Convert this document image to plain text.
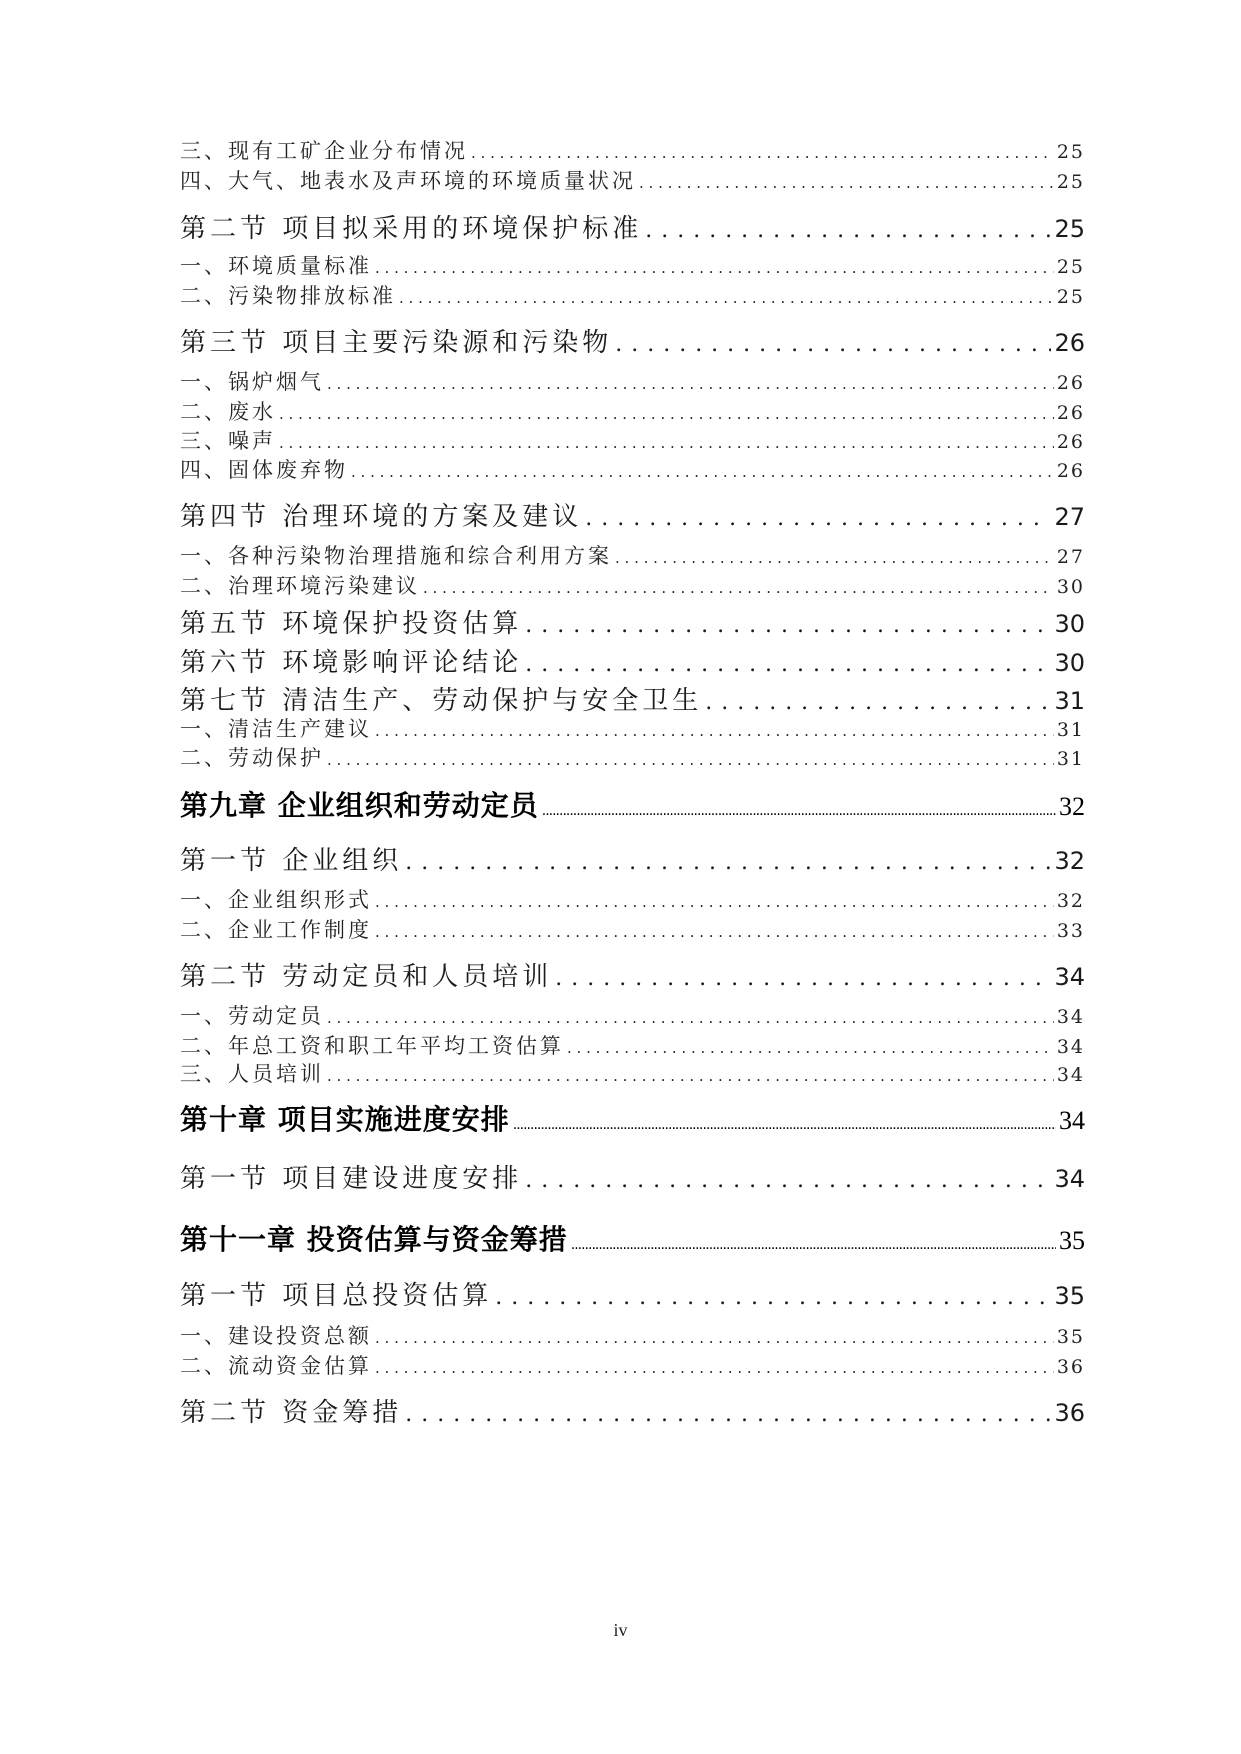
三、现有工矿企业分布情况 . . .	25
四、大气、地表水及声环境的环境质量状况 . . .	25
第二节 项目拟采用的环境保护标准 . . .	25
一、环境质量标准 . . .	25
二、污染物排放标准 . . .	25
第三节 项目主要污染源和污染物 . . .	26
一、锅炉烟气 . . .	26
二、废水 . . .	26
三、噪声 . . .	26
四、固体废弃物 . . .	26
第四节 治理环境的方案及建议 . . .	27
一、各种污染物治理措施和综合利用方案 . . .	27
二、治理环境污染建议 . . .	30
第五节 环境保护投资估算 . . .	30
第六节 环境影响评论结论 . . .	30
第七节 清洁生产、劳动保护与安全卫生 . . .	31
一、清洁生产建议 . . .	31
二、劳动保护 . . .	31
第九章 企业组织和劳动定员 .....	32
第一节 企业组织 . . .	32
一、企业组织形式 . . .	32
二、企业工作制度 . . .	33
第二节 劳动定员和人员培训 . . .	34
一、劳动定员 . . .	34
二、年总工资和职工年平均工资估算 . . .	34
三、人员培训 . . .	34
第十章 项目实施进度安排 .....	34
第一节 项目建设进度安排 . . .	34
第十一章 投资估算与资金筹措 .....	35
第一节 项目总投资估算 . . .	35
一、建设投资总额 . . .	35
二、流动资金估算 . . .	36
第二节 资金筹措 . . .	36
iv
